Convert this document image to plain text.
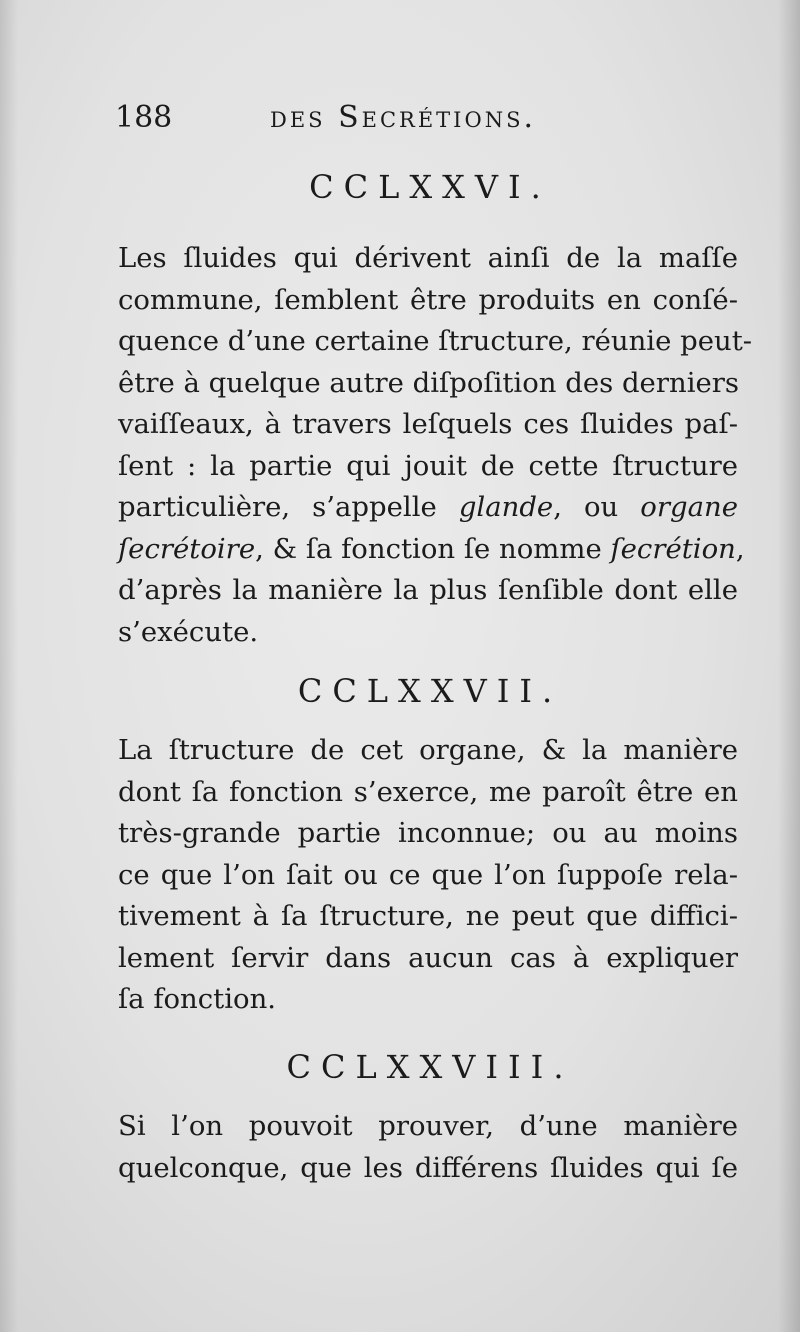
188	des Secrétions.
CCLXXVI.
Les ſluides qui dérivent ainſi de la maſſe
commune, ſemblent être produits en conſé-
quence d’une certaine ſtructure, réunie peut-
être à quelque autre diſpoſition des derniers
vaiſſeaux, à travers leſquels ces ſluides paſ-
ſent : la partie qui jouit de cette ſtructure
particulière, s’appelle glande, ou organe
ſecrétoire, & ſa fonction ſe nomme ſecrétion,
d’après la manière la plus ſenſible dont elle
s’exécute.
CCLXXVII.
La ſtructure de cet organe, & la manière
dont ſa fonction s’exerce, me paroît être en
très-grande partie inconnue; ou au moins
ce que l’on ſait ou ce que l’on ſuppoſe rela-
tivement à ſa ſtructure, ne peut que diffici-
lement ſervir dans aucun cas à expliquer
ſa fonction.
CCLXXVIII.
Si l’on pouvoit prouver, d’une manière
quelconque, que les différens ſluides qui ſe
